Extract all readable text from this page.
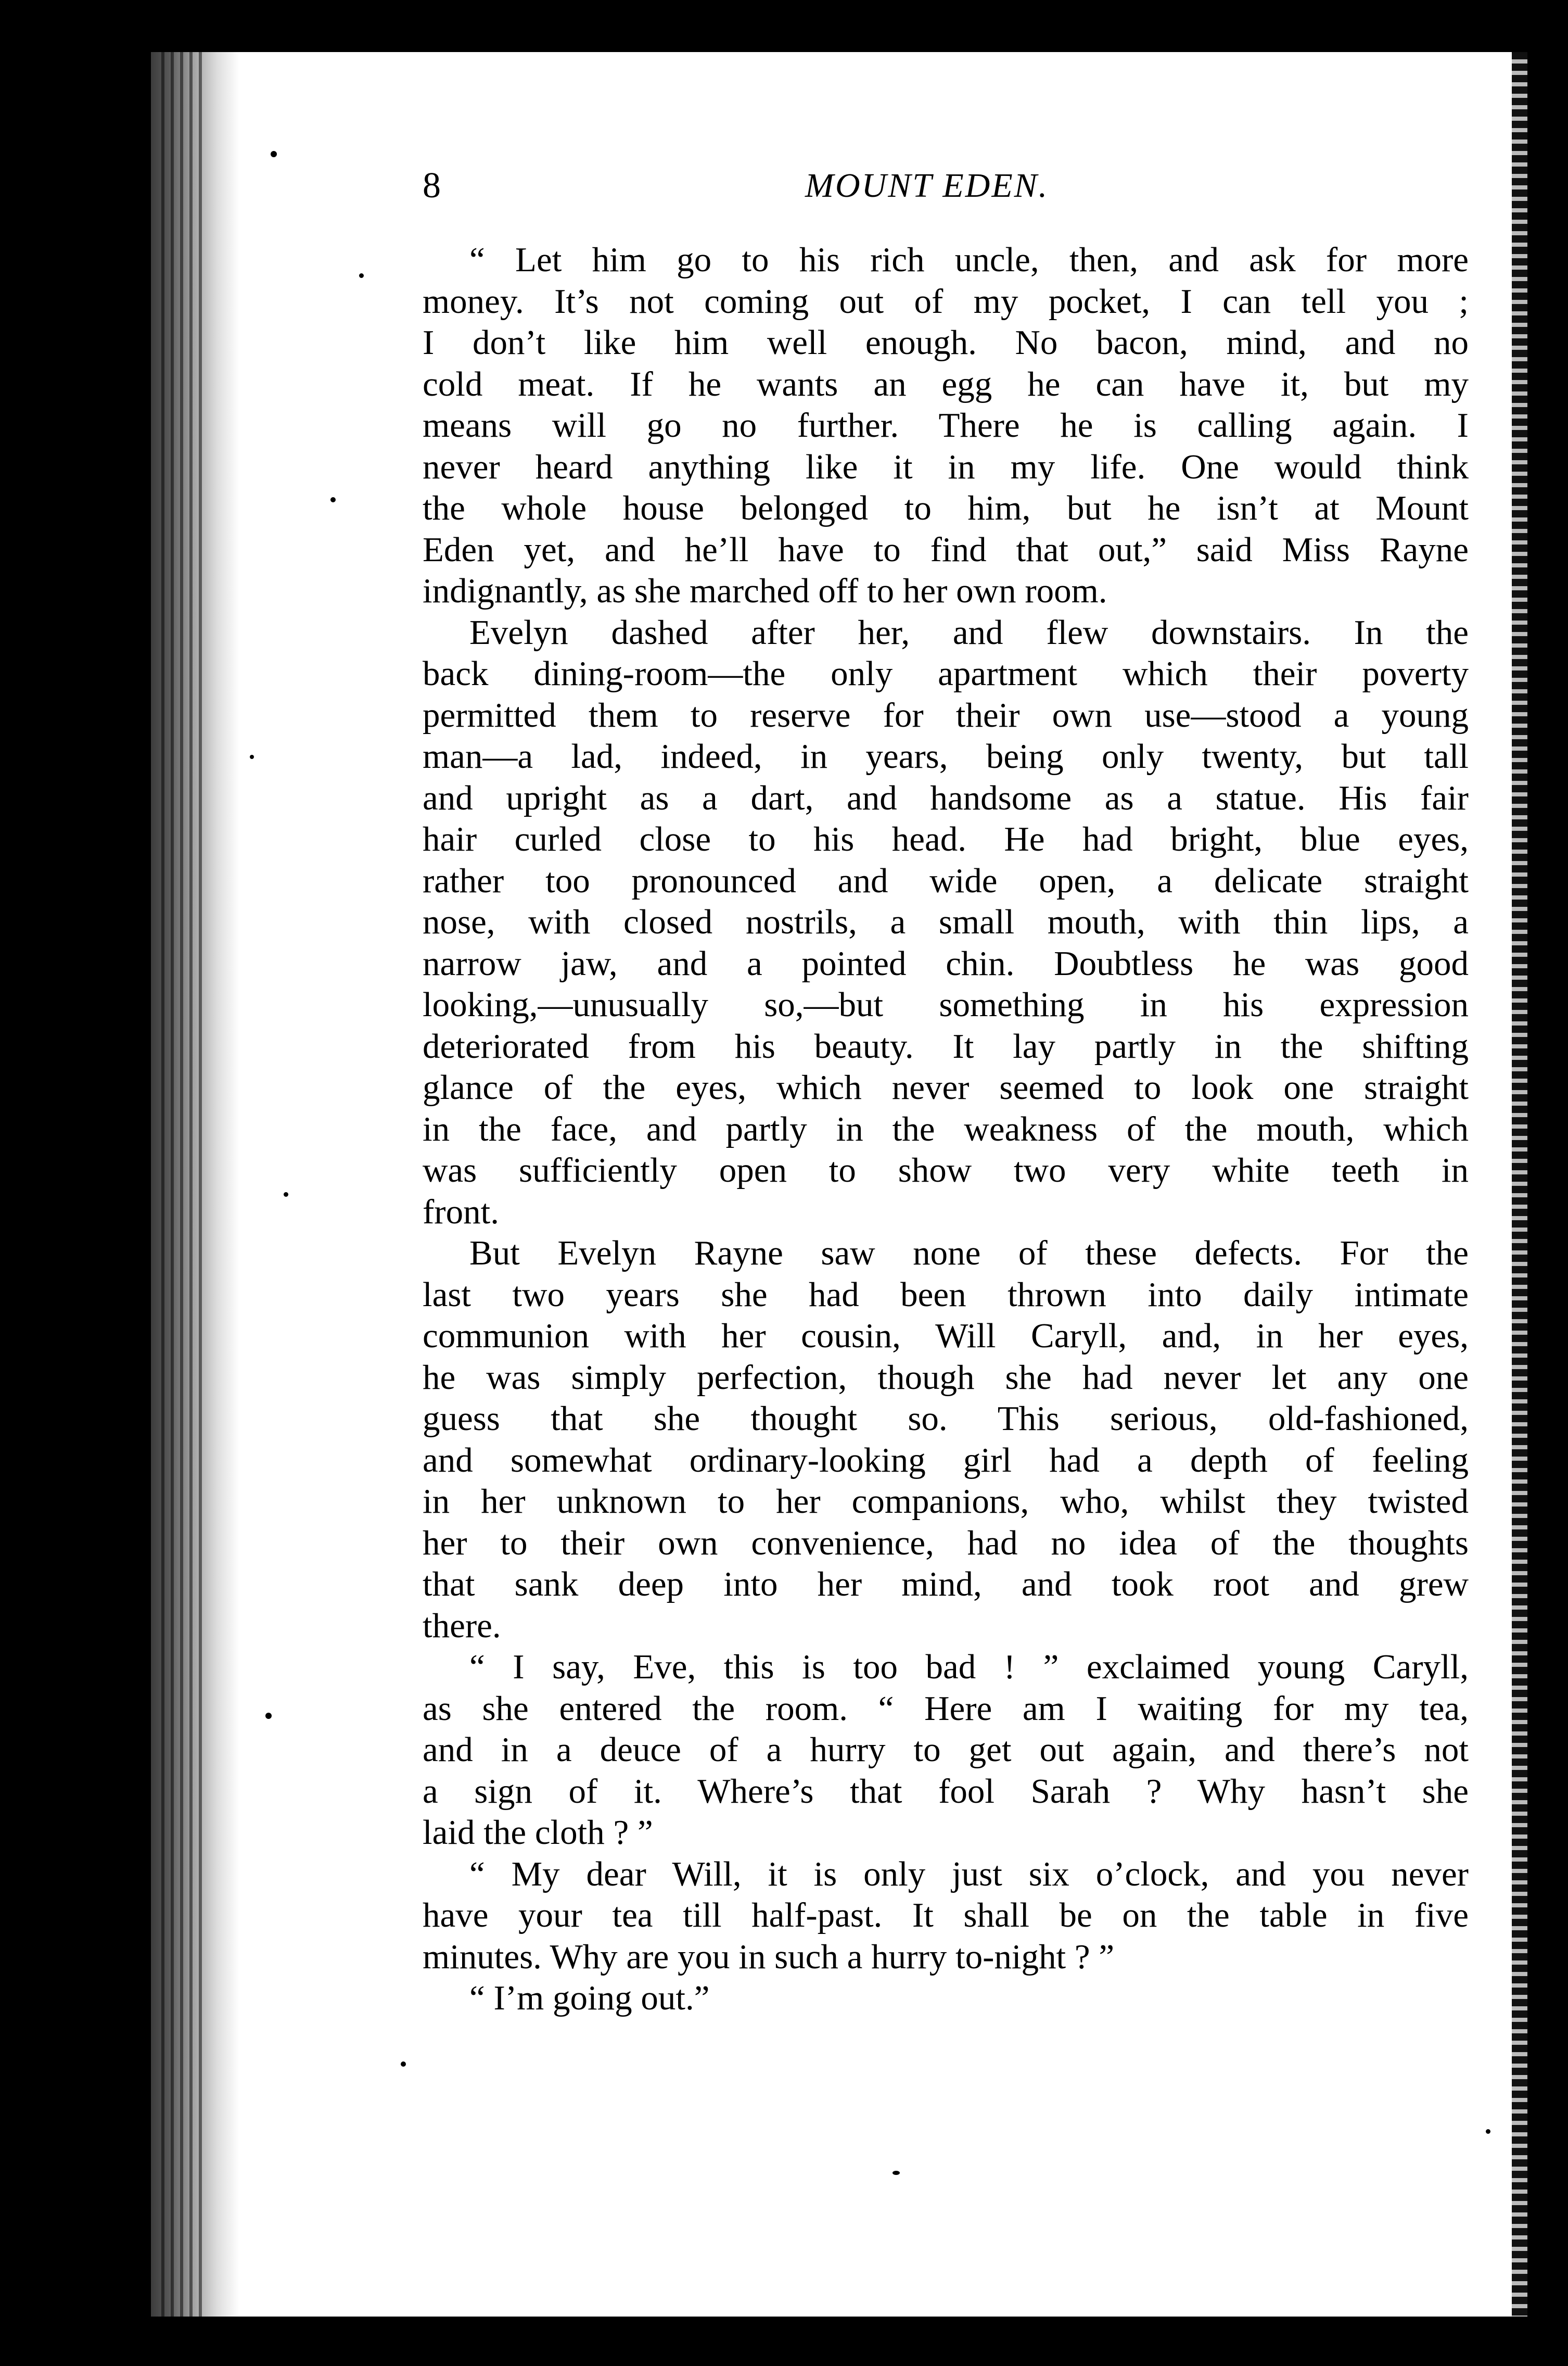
8	MOUNT EDEN.
“ Let him go to his rich uncle, then, and ask for more
money. It’s not coming out of my pocket, I can tell you ;
I don’t like him well enough. No bacon, mind, and no
cold meat. If he wants an egg he can have it, but my
means will go no further. There he is calling again. I
never heard anything like it in my life. One would think
the whole house belonged to him, but he isn’t at Mount
Eden yet, and he’ll have to find that out,” said Miss Rayne
indignantly, as she marched off to her own room.
Evelyn dashed after her, and flew downstairs. In the
back dining-room—the only apartment which their poverty
permitted them to reserve for their own use—stood a young
man—a lad, indeed, in years, being only twenty, but tall
and upright as a dart, and handsome as a statue. His fair
hair curled close to his head. He had bright, blue eyes,
rather too pronounced and wide open, a delicate straight
nose, with closed nostrils, a small mouth, with thin lips, a
narrow jaw, and a pointed chin. Doubtless he was good
looking,—unusually so,—but something in his expression
deteriorated from his beauty. It lay partly in the shifting
glance of the eyes, which never seemed to look one straight
in the face, and partly in the weakness of the mouth, which
was sufficiently open to show two very white teeth in
front.
But Evelyn Rayne saw none of these defects. For the
last two years she had been thrown into daily intimate
communion with her cousin, Will Caryll, and, in her eyes,
he was simply perfection, though she had never let any one
guess that she thought so. This serious, old-fashioned,
and somewhat ordinary-looking girl had a depth of feeling
in her unknown to her companions, who, whilst they twisted
her to their own convenience, had no idea of the thoughts
that sank deep into her mind, and took root and grew
there.
“ I say, Eve, this is too bad ! ” exclaimed young Caryll,
as she entered the room. “ Here am I waiting for my tea,
and in a deuce of a hurry to get out again, and there’s not
a sign of it. Where’s that fool Sarah ? Why hasn’t she
laid the cloth ? ”
“ My dear Will, it is only just six o’clock, and you never
have your tea till half-past. It shall be on the table in five
minutes. Why are you in such a hurry to-night ? ”
“ I’m going out.”
